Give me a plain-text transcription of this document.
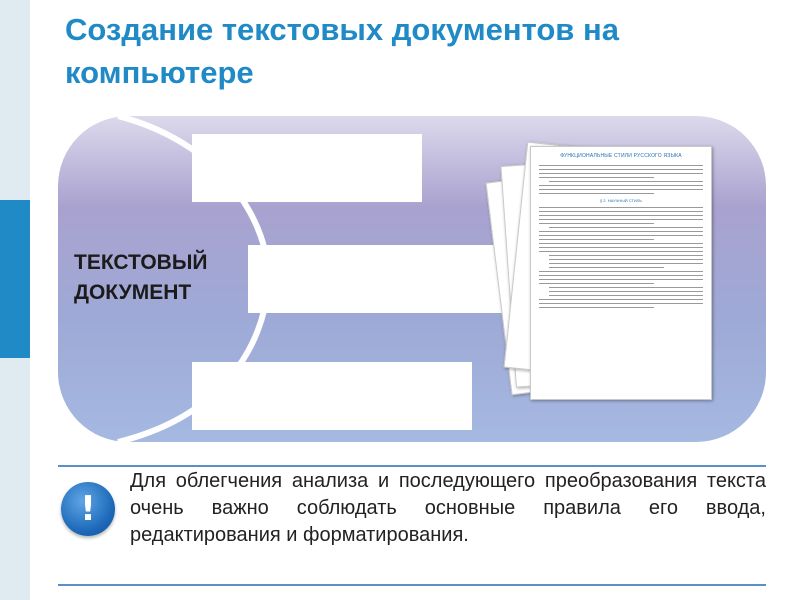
Создание текстовых документов на компьютере
ТЕКСТОВЫЙ ДОКУМЕНТ
ФУНКЦИОНАЛЬНЫЕ СТИЛИ РУССКОГО ЯЗЫКА
§ 2. НАУЧНЫЙ СТИЛЬ
!
Для облегчения анализа и последующего преобразования текста очень важно соблюдать основные правила его ввода, редактирования и форматирования.
